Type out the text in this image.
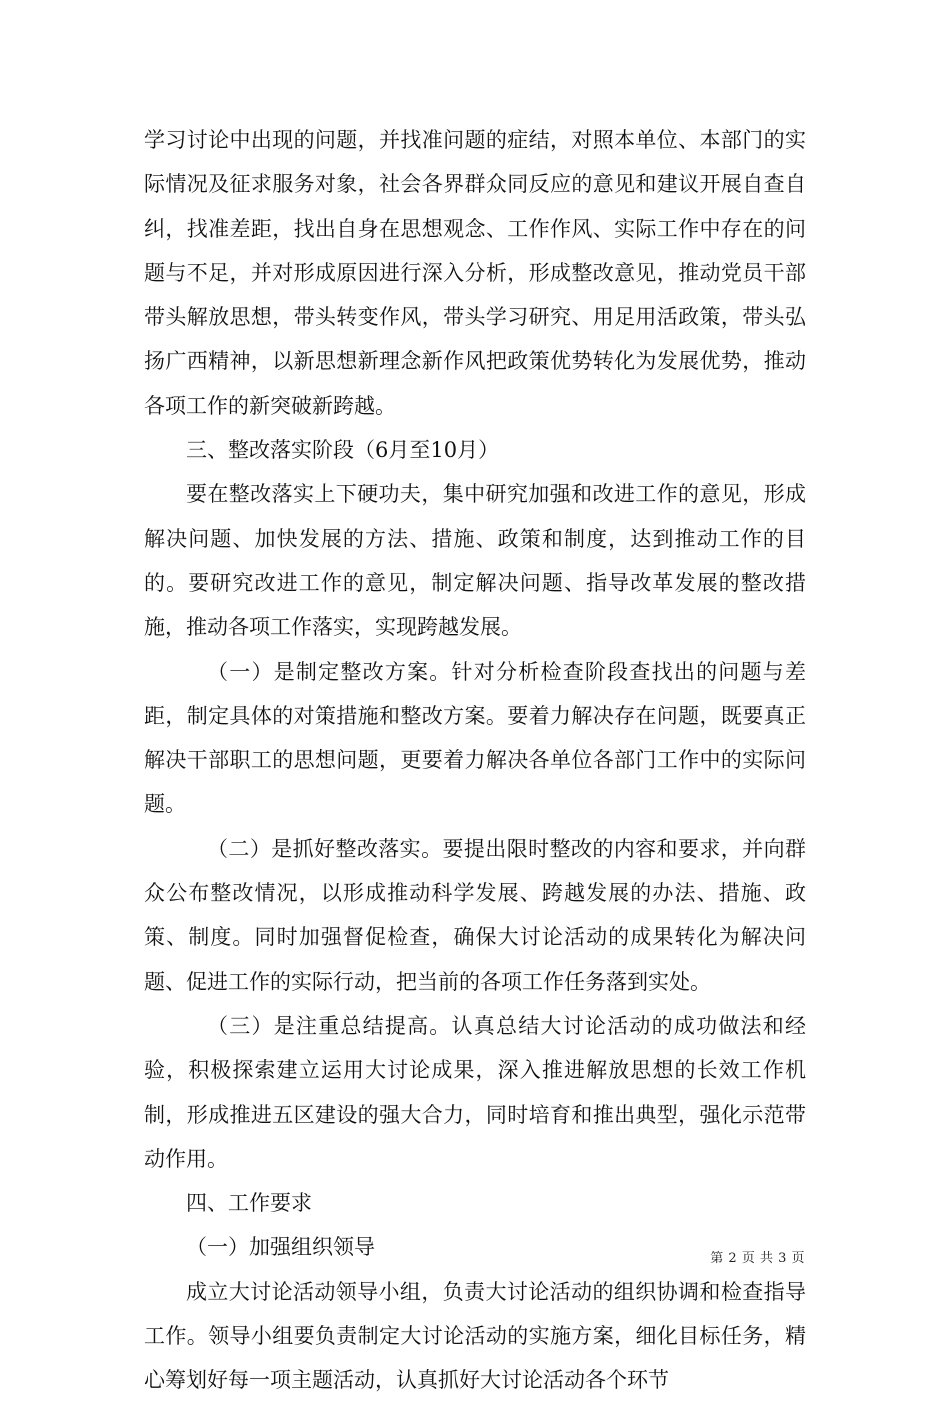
学习讨论中出现的问题，并找准问题的症结，对照本单位、本部门的实际情况及征求服务对象，社会各界群众同反应的意见和建议开展自查自纠，找准差距，找出自身在思想观念、工作作风、实际工作中存在的问题与不足，并对形成原因进行深入分析，形成整改意见，推动党员干部带头解放思想，带头转变作风，带头学习研究、用足用活政策，带头弘扬广西精神，以新思想新理念新作风把政策优势转化为发展优势，推动各项工作的新突破新跨越。

三、整改落实阶段（6月至10月）

要在整改落实上下硬功夫，集中研究加强和改进工作的意见，形成解决问题、加快发展的方法、措施、政策和制度，达到推动工作的目的。要研究改进工作的意见，制定解决问题、指导改革发展的整改措施，推动各项工作落实，实现跨越发展。

（一）是制定整改方案。针对分析检查阶段查找出的问题与差距，制定具体的对策措施和整改方案。要着力解决存在问题，既要真正解决干部职工的思想问题，更要着力解决各单位各部门工作中的实际问题。

（二）是抓好整改落实。要提出限时整改的内容和要求，并向群众公布整改情况，以形成推动科学发展、跨越发展的办法、措施、政策、制度。同时加强督促检查，确保大讨论活动的成果转化为解决问题、促进工作的实际行动，把当前的各项工作任务落到实处。

（三）是注重总结提高。认真总结大讨论活动的成功做法和经验，积极探索建立运用大讨论成果，深入推进解放思想的长效工作机制，形成推进五区建设的强大合力，同时培育和推出典型，强化示范带动作用。

四、工作要求

（一）加强组织领导

成立大讨论活动领导小组，负责大讨论活动的组织协调和检查指导工作。领导小组要负责制定大讨论活动的实施方案，细化目标任务，精心筹划好每一项主题活动，认真抓好大讨论活动各个环节

第 2 页 共 3 页
